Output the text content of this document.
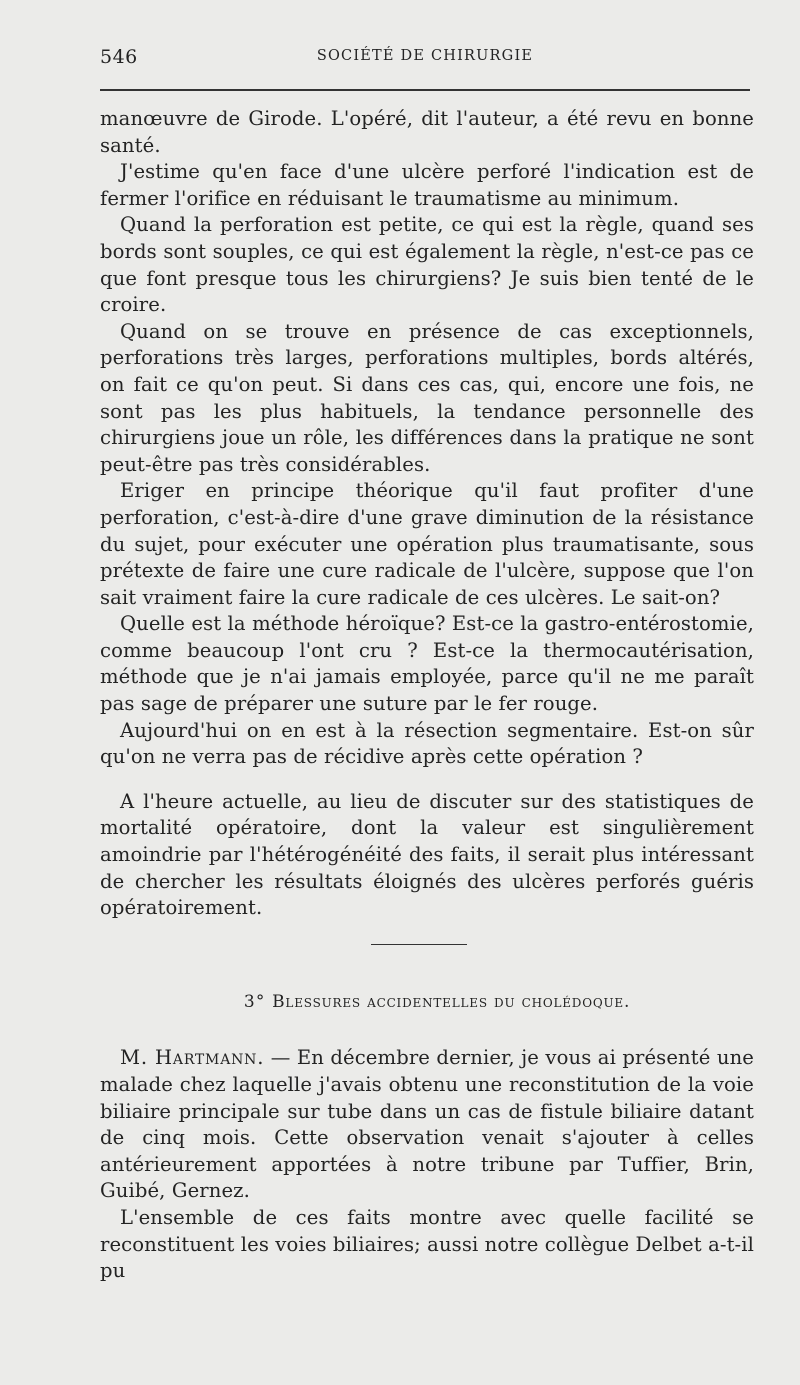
546	SOCIÉTÉ DE CHIRURGIE

manœuvre de Girode. L'opéré, dit l'auteur, a été revu en bonne santé.

J'estime qu'en face d'une ulcère perforé l'indication est de fermer l'orifice en réduisant le traumatisme au minimum.

Quand la perforation est petite, ce qui est la règle, quand ses bords sont souples, ce qui est également la règle, n'est-ce pas ce que font presque tous les chirurgiens? Je suis bien tenté de le croire.

Quand on se trouve en présence de cas exceptionnels, perforations très larges, perforations multiples, bords altérés, on fait ce qu'on peut. Si dans ces cas, qui, encore une fois, ne sont pas les plus habituels, la tendance personnelle des chirurgiens joue un rôle, les différences dans la pratique ne sont peut-être pas très considérables.

Eriger en principe théorique qu'il faut profiter d'une perforation, c'est-à-dire d'une grave diminution de la résistance du sujet, pour exécuter une opération plus traumatisante, sous prétexte de faire une cure radicale de l'ulcère, suppose que l'on sait vraiment faire la cure radicale de ces ulcères. Le sait-on?

Quelle est la méthode héroïque? Est-ce la gastro-entérostomie, comme beaucoup l'ont cru ? Est-ce la thermocautérisation, méthode que je n'ai jamais employée, parce qu'il ne me paraît pas sage de préparer une suture par le fer rouge.

Aujourd'hui on en est à la résection segmentaire. Est-on sûr qu'on ne verra pas de récidive après cette opération ?

A l'heure actuelle, au lieu de discuter sur des statistiques de mortalité opératoire, dont la valeur est singulièrement amoindrie par l'hétérogénéité des faits, il serait plus intéressant de chercher les résultats éloignés des ulcères perforés guéris opératoirement.

3° Blessures accidentelles du cholédoque.

M. Hartmann. — En décembre dernier, je vous ai présenté une malade chez laquelle j'avais obtenu une reconstitution de la voie biliaire principale sur tube dans un cas de fistule biliaire datant de cinq mois. Cette observation venait s'ajouter à celles antérieurement apportées à notre tribune par Tuffier, Brin, Guibé, Gernez.

L'ensemble de ces faits montre avec quelle facilité se reconstituent les voies biliaires; aussi notre collègue Delbet a-t-il pu
